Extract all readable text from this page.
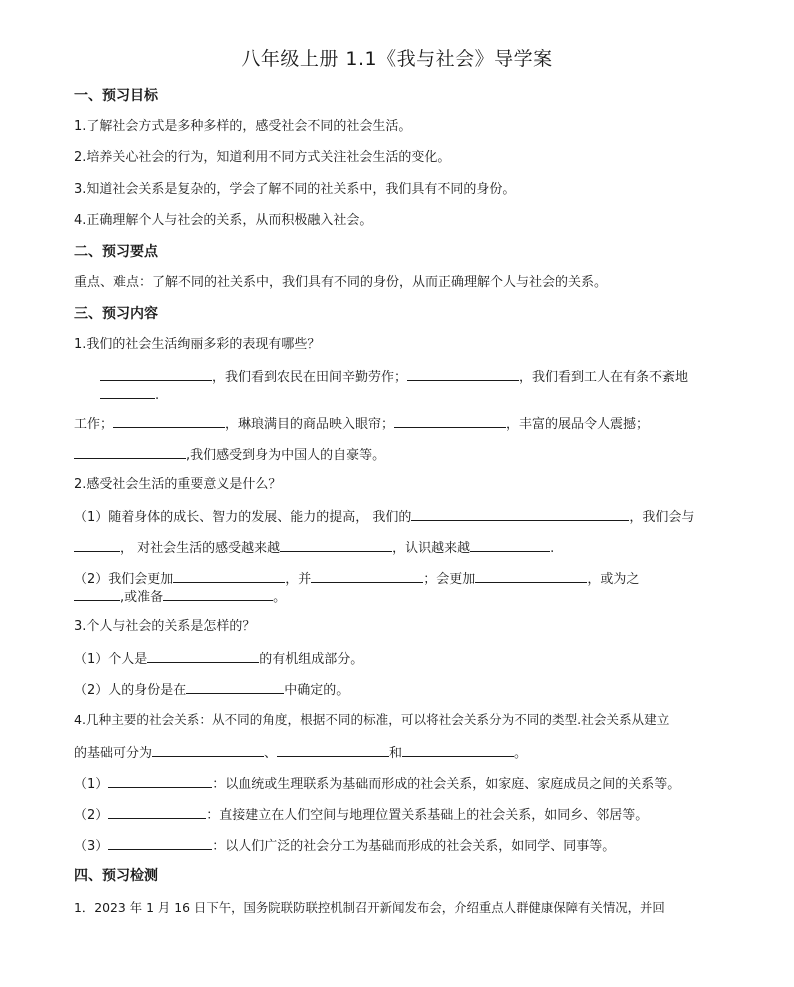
八年级上册 1.1《我与社会》导学案
一、预习目标
1.了解社会方式是多种多样的，感受社会不同的社会生活。
2.培养关心社会的行为，知道利用不同方式关注社会生活的变化。
3.知道社会关系是复杂的，学会了解不同的社关系中，我们具有不同的身份。
4.正确理解个人与社会的关系，从而积极融入社会。
二、预习要点
重点、难点：了解不同的社关系中，我们具有不同的身份，从而正确理解个人与社会的关系。
三、预习内容
1.我们的社会生活绚丽多彩的表现有哪些？
，我们看到农民在田间辛勤劳作；	，我们看到工人在有条不紊地
.
工作；	，琳琅满目的商品映入眼帘；	，丰富的展品令人震撼；
,我们感受到身为中国人的自豪等。
2.感受社会生活的重要意义是什么？
（1）随着身体的成长、智力的发展、能力的提高， 我们的	，我们会与
， 对社会生活的感受越来越	，认识越来越	.
（2）我们会更加	，并	；会更加	，或为之
,或准备	。
3.个人与社会的关系是怎样的？
（1）个人是	的有机组成部分。
（2）人的身份是在	中确定的。
4.几种主要的社会关系：从不同的角度，根据不同的标准，可以将社会关系分为不同的类型.社会关系从建立
的基础可分为	、	和	。
（1）	：以血统或生理联系为基础而形成的社会关系，如家庭、家庭成员之间的关系等。
（2）	：直接建立在人们空间与地理位置关系基础上的社会关系，如同乡、邻居等。
（3）	：以人们广泛的社会分工为基础而形成的社会关系，如同学、同事等。
四、预习检测
1．2023 年 1 月 16 日下午，国务院联防联控机制召开新闻发布会，介绍重点人群健康保障有关情况，并回
